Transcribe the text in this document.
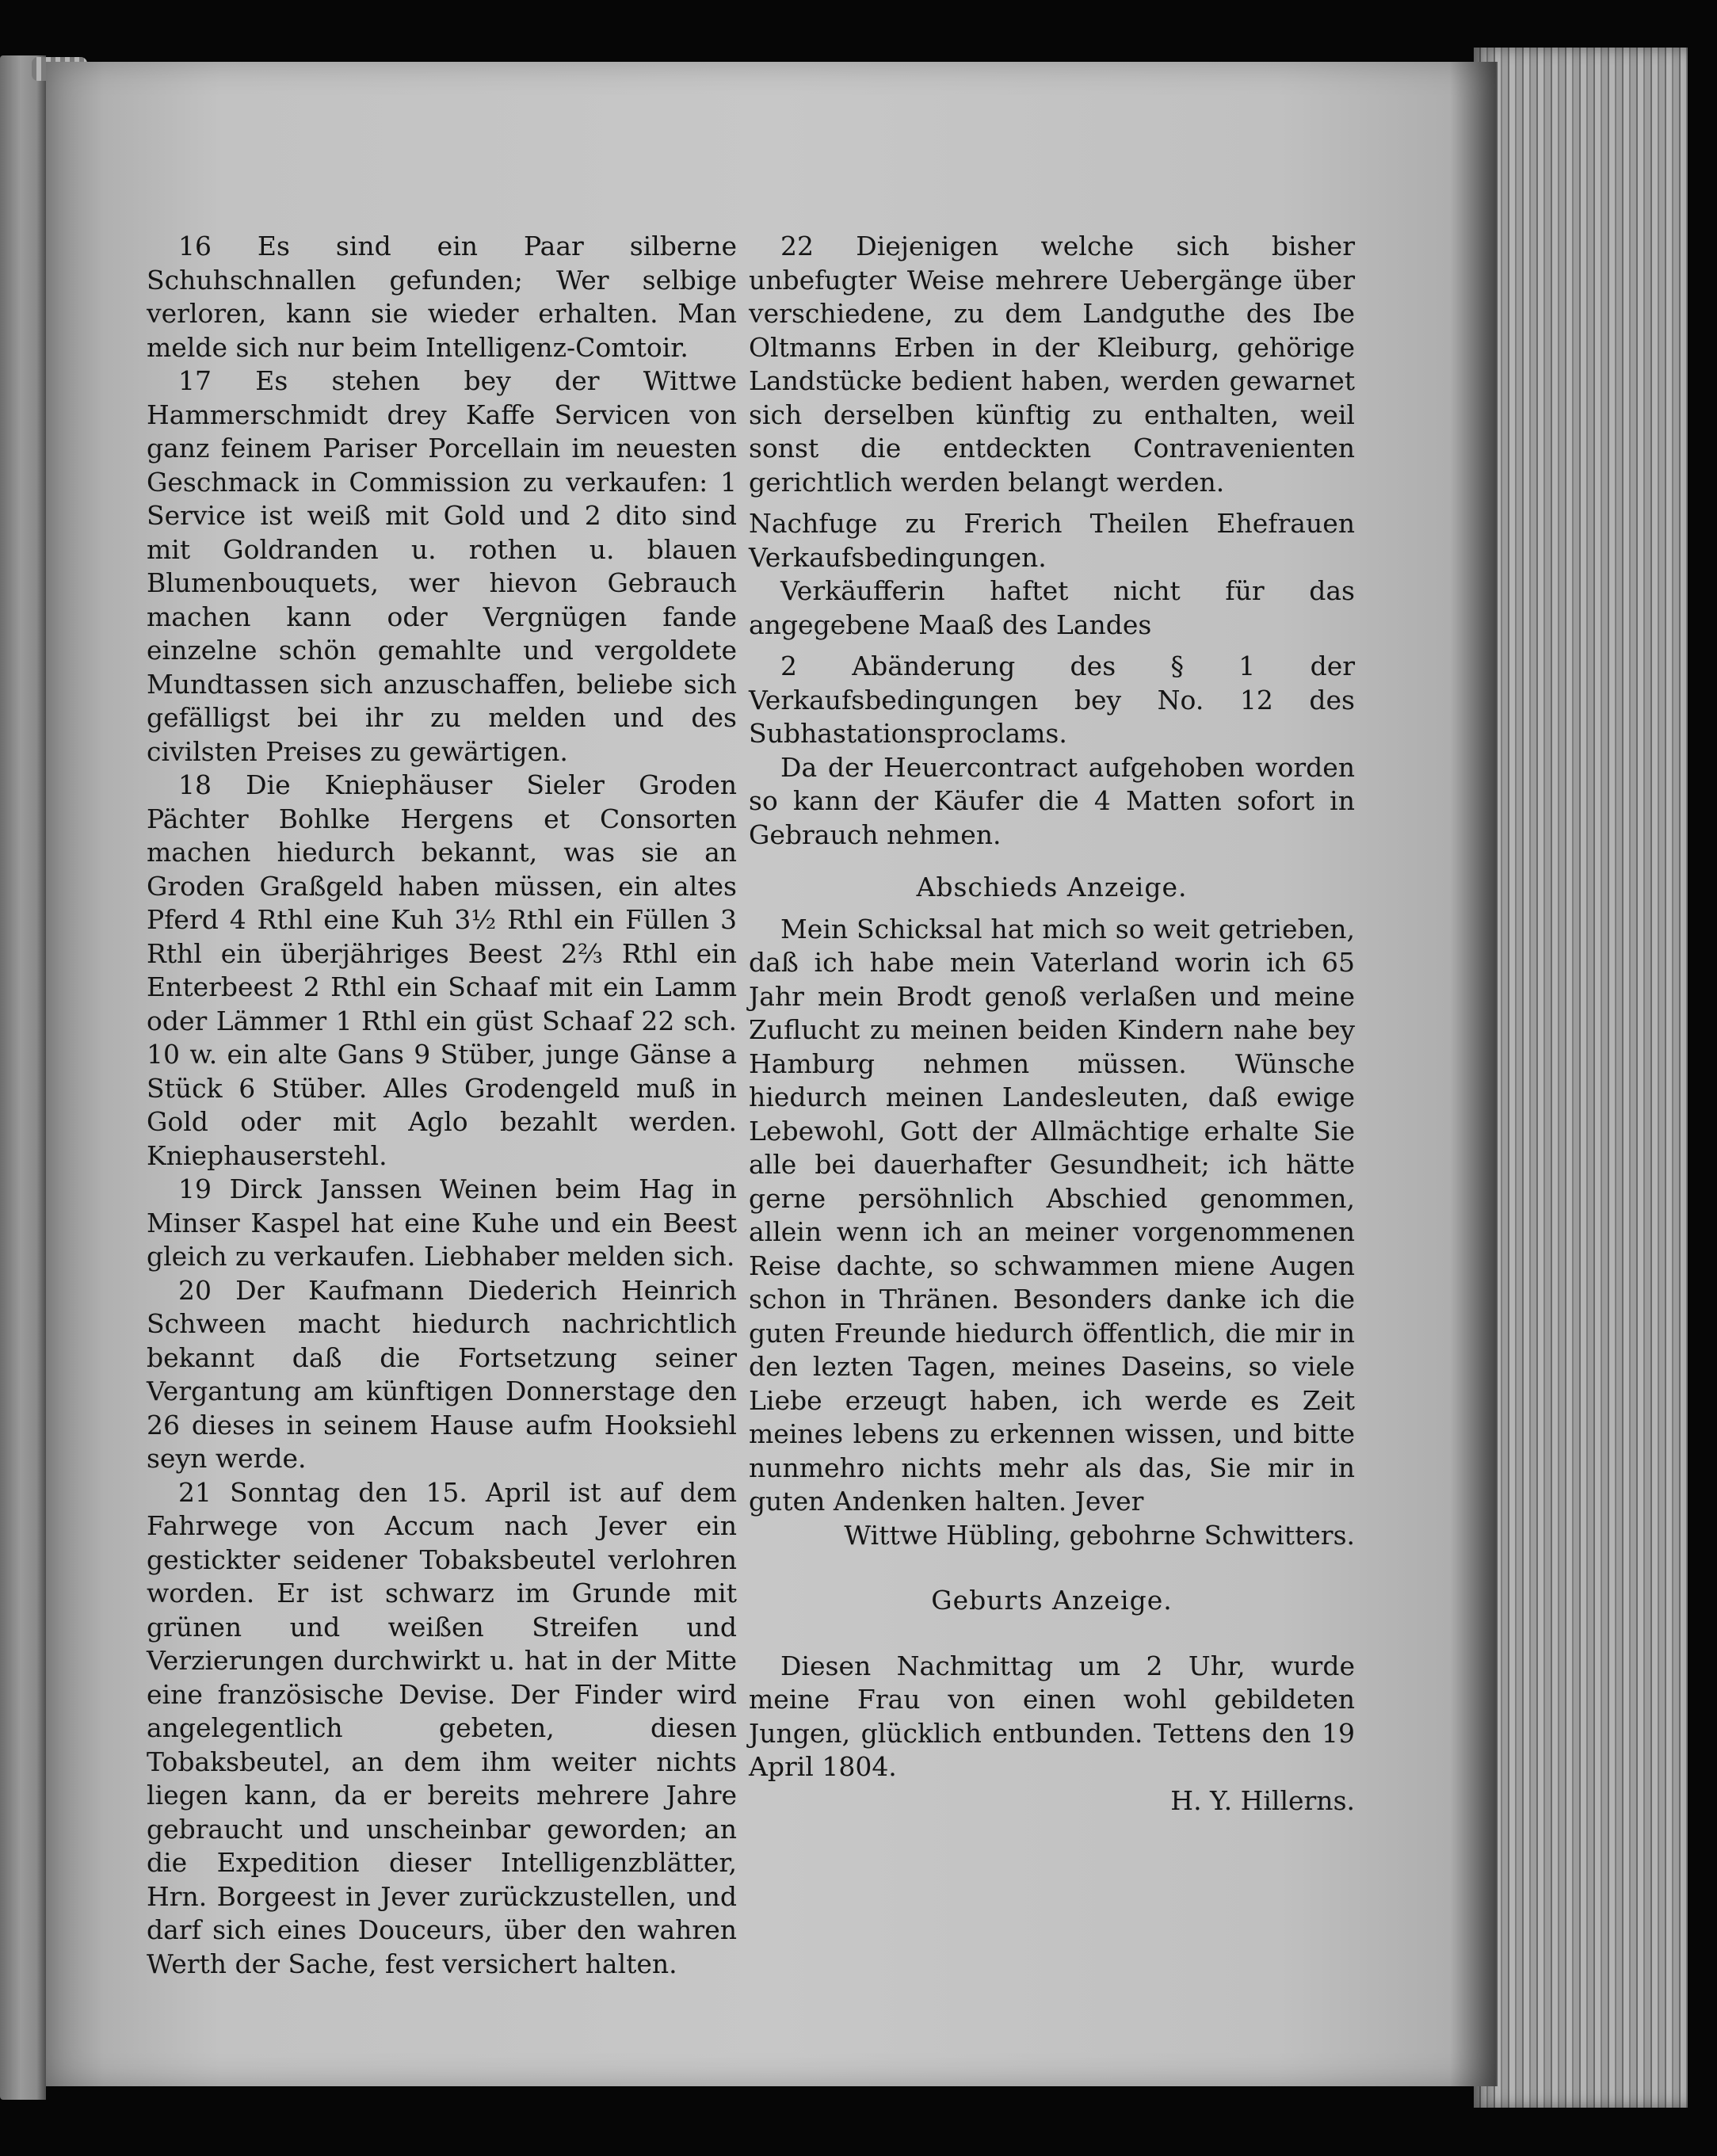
16 Es sind ein Paar silberne Schuhschnallen gefunden; Wer selbige verloren, kann sie wieder erhalten. Man melde sich nur beim Intelligenz-Comtoir.

17 Es stehen bey der Wittwe Hammerschmidt drey Kaffe Servicen von ganz feinem Pariser Porcellain im neuesten Geschmack in Commission zu verkaufen: 1 Service ist weiß mit Gold und 2 dito sind mit Goldranden u. rothen u. blauen Blumenbouquets, wer hievon Gebrauch machen kann oder Vergnügen fande einzelne schön gemahlte und vergoldete Mundtassen sich anzuschaffen, beliebe sich gefälligst bei ihr zu melden und des civilsten Preises zu gewärtigen.

18 Die Kniephäuser Sieler Groden Pächter Bohlke Hergens et Consorten machen hiedurch bekannt, was sie an Groden Graßgeld haben müssen, ein altes Pferd 4 Rthl eine Kuh 3½ Rthl ein Füllen 3 Rthl ein überjähriges Beest 2⅔ Rthl ein Enterbeest 2 Rthl ein Schaaf mit ein Lamm oder Lämmer 1 Rthl ein güst Schaaf 22 sch. 10 w. ein alte Gans 9 Stüber, junge Gänse a Stück 6 Stüber. Alles Grodengeld muß in Gold oder mit Aglo bezahlt werden. Kniephauserstehl.

19 Dirck Janssen Weinen beim Hag in Minser Kaspel hat eine Kuhe und ein Beest gleich zu verkaufen. Liebhaber melden sich.

20 Der Kaufmann Diederich Heinrich Schween macht hiedurch nachrichtlich bekannt daß die Fortsetzung seiner Vergantung am künftigen Donnerstage den 26 dieses in seinem Hause aufm Hooksiehl seyn werde.

21 Sonntag den 15. April ist auf dem Fahrwege von Accum nach Jever ein gestickter seidener Tobaksbeutel verlohren worden. Er ist schwarz im Grunde mit grünen und weißen Streifen und Verzierungen durchwirkt u. hat in der Mitte eine französische Devise. Der Finder wird angelegentlich gebeten, diesen Tobaksbeutel, an dem ihm weiter nichts liegen kann, da er bereits mehrere Jahre gebraucht und unscheinbar geworden; an die Expedition dieser Intelligenzblätter, Hrn. Borgeest in Jever zurückzustellen, und darf sich eines Douceurs, über den wahren Werth der Sache, fest versichert halten.

22 Diejenigen welche sich bisher unbefugter Weise mehrere Uebergänge über verschiedene, zu dem Landguthe des Ibe Oltmanns Erben in der Kleiburg, gehörige Landstücke bedient haben, werden gewarnet sich derselben künftig zu enthalten, weil sonst die entdeckten Contravenienten gerichtlich werden belangt werden.

Nachfuge zu Frerich Theilen Ehefrauen Verkaufsbedingungen.

Verkäufferin haftet nicht für das angegebene Maaß des Landes

2 Abänderung des § 1 der Verkaufsbedingungen bey No. 12 des Subhastationsproclams.

Da der Heuercontract aufgehoben worden so kann der Käufer die 4 Matten sofort in Gebrauch nehmen.

Abschieds Anzeige.

Mein Schicksal hat mich so weit getrieben, daß ich habe mein Vaterland worin ich 65 Jahr mein Brodt genoß verlaßen und meine Zuflucht zu meinen beiden Kindern nahe bey Hamburg nehmen müssen. Wünsche hiedurch meinen Landesleuten, daß ewige Lebewohl, Gott der Allmächtige erhalte Sie alle bei dauerhafter Gesundheit; ich hätte gerne persöhnlich Abschied genommen, allein wenn ich an meiner vorgenommenen Reise dachte, so schwammen miene Augen schon in Thränen. Besonders danke ich die guten Freunde hiedurch öffentlich, die mir in den lezten Tagen, meines Daseins, so viele Liebe erzeugt haben, ich werde es Zeit meines lebens zu erkennen wissen, und bitte nunmehro nichts mehr als das, Sie mir in guten Andenken halten. Jever

Wittwe Hübling, gebohrne Schwitters.

Geburts Anzeige.

Diesen Nachmittag um 2 Uhr, wurde meine Frau von einen wohl gebildeten Jungen, glücklich entbunden. Tettens den 19 April 1804.

H. Y. Hillerns.
